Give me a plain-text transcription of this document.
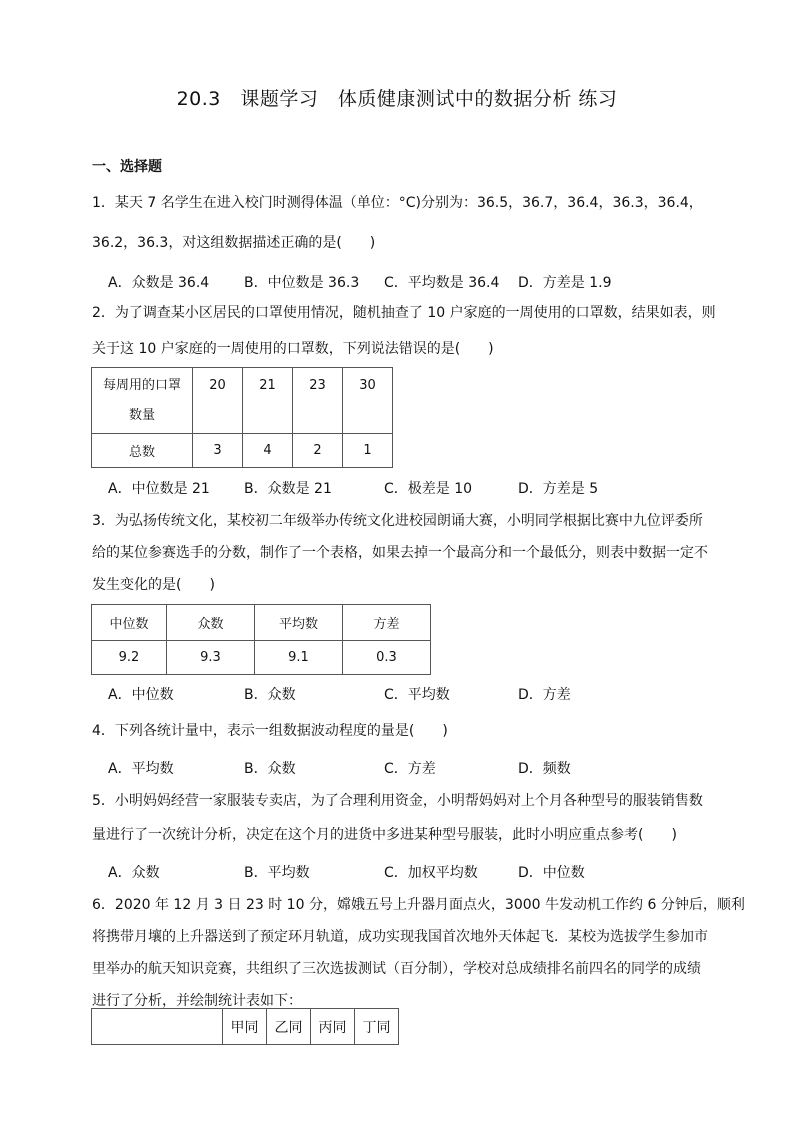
20.3　课题学习　体质健康测试中的数据分析 练习
一、选择题
1．某天 7 名学生在进入校门时测得体温（单位：°C)分别为：36.5，36.7，36.4，36.3，36.4，
36.2，36.3，对这组数据描述正确的是(　　)
A．众数是 36.4 B．中位数是 36.3 C．平均数是 36.4 D．方差是 1.9
2．为了调查某小区居民的口罩使用情况，随机抽查了 10 户家庭的一周使用的口罩数，结果如表，则
关于这 10 户家庭的一周使用的口罩数，下列说法错误的是(　　)
每周用的口罩
数量	20	21	23	30
总数	3	4	2	1
A．中位数是 21 B．众数是 21	C．极差是 10	D．方差是 5
3．为弘扬传统文化，某校初二年级举办传统文化进校园朗诵大赛，小明同学根据比赛中九位评委所
给的某位参赛选手的分数，制作了一个表格，如果去掉一个最高分和一个最低分，则表中数据一定不
发生变化的是(　　)
中位数	众数	平均数	方差
9.2	9.3	9.1	0.3
A．中位数	B．众数	C．平均数	D．方差
4．下列各统计量中，表示一组数据波动程度的量是(　　)
A．平均数	B．众数	C．方差	D．频数
5．小明妈妈经营一家服装专卖店，为了合理利用资金，小明帮妈妈对上个月各种型号的服装销售数
量进行了一次统计分析，决定在这个月的进货中多进某种型号服装，此时小明应重点参考(　　)
A．众数	B．平均数	C．加权平均数	D．中位数
6．2020 年 12 月 3 日 23 时 10 分，嫦娥五号上升器月面点火，3000 牛发动机工作约 6 分钟后，顺利
将携带月壤的上升器送到了预定环月轨道，成功实现我国首次地外天体起飞．某校为选拔学生参加市
里举办的航天知识竞赛，共组织了三次选拔测试（百分制），学校对总成绩排名前四名的同学的成绩
进行了分析，并绘制统计表如下：
	甲同	乙同	丙同	丁同
